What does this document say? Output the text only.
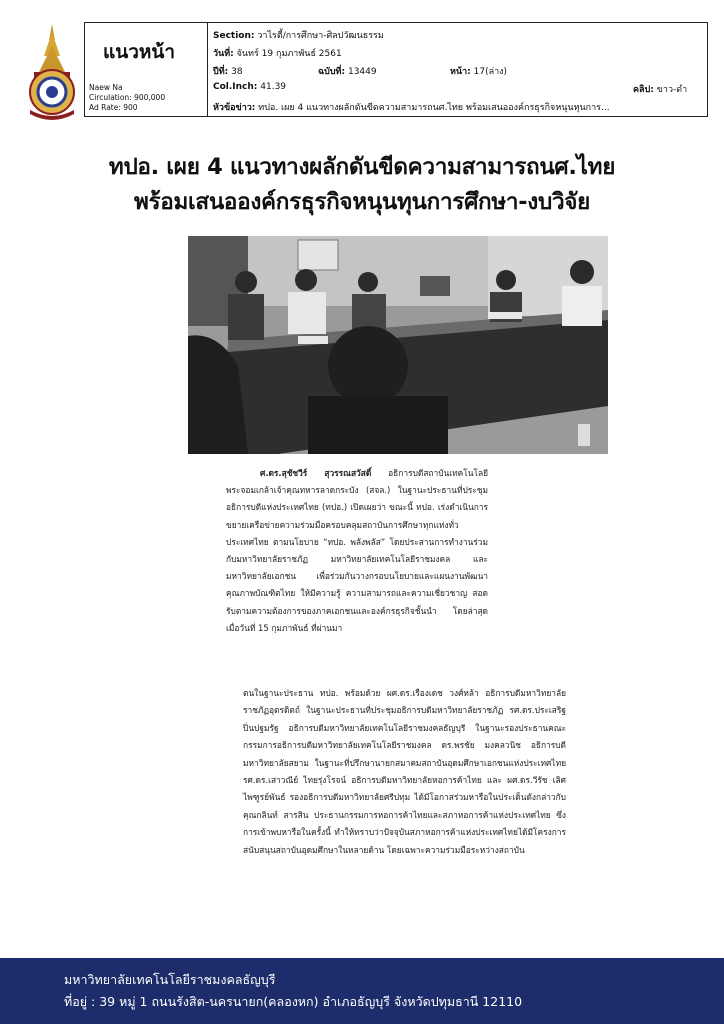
แนวหน้า
Naew Na
Circulation: 900,000
Ad Rate: 900
Section: วาไรตี้/การศึกษา-ศิลปวัฒนธรรม
วันที่: จันทร์ 19 กุมภาพันธ์ 2561
ปีที่: 38	ฉบับที่: 13449	หน้า: 17(ล่าง)
Col.Inch: 41.39	คลิป: ขาว-ดำ
หัวข้อข่าว: ทปอ. เผย 4 แนวทางผลักดันขีดความสามารถนศ.ไทย พร้อมเสนอองค์กรธุรกิจหนุนทุนการ...
ทปอ. เผย 4 แนวทางผลักดันขีดความสามารถนศ.ไทย
พร้อมเสนอองค์กรธุรกิจหนุนทุนการศึกษา-งบวิจัย

ศ.ดร.สุชัชวีร์ สุวรรณสวัสดิ์ อธิการบดีสถาบันเทคโนโลยีพระจอมเกล้าเจ้าคุณทหารลาดกระบัง (สจล.) ในฐานะประธานที่ประชุมอธิการบดีแห่งประเทศไทย (ทปอ.) เปิดเผยว่า ขณะนี้ ทปอ. เร่งดำเนินการขยายเครือข่ายความร่วมมือครอบคลุมสถาบันการศึกษาทุกแห่งทั่วประเทศไทย ตามนโยบาย “ทปอ. พลังพลัส” โดยประสานการทำงานร่วมกับมหาวิทยาลัยราชภัฏ มหาวิทยาลัยเทคโนโลยีราชมงคล และมหาวิทยาลัยเอกชน เพื่อร่วมกันวางกรอบนโยบายและแผนงานพัฒนาคุณภาพบัณฑิตไทย ให้มีความรู้ ความสามารถและความเชี่ยวชาญ สอดรับตามความต้องการของภาคเอกชนและองค์กรธุรกิจชั้นนำ โดยล่าสุด เมื่อวันที่ 15 กุมภาพันธ์ ที่ผ่านมา

ตนในฐานะประธาน ทปอ. พร้อมด้วย ผศ.ดร.เรืองเดช วงศ์หล้า อธิการบดีมหาวิทยาลัยราชภัฏอุตรดิตถ์ ในฐานะประธานที่ประชุมอธิการบดีมหาวิทยาลัยราชภัฏ รศ.ดร.ประเสริฐ ปิ่นปฐมรัฐ อธิการบดีมหาวิทยาลัยเทคโนโลยีราชมงคลธัญบุรี ในฐานะรองประธานคณะกรรมการอธิการบดีมหาวิทยาลัยเทคโนโลยีราชมงคล ดร.พรชัย มงคลวนิช อธิการบดีมหาวิทยาลัยสยาม ในฐานะที่ปรึกษานายกสมาคมสถาบันอุดมศึกษาเอกชนแห่งประเทศไทย รศ.ดร.เสาวณีย์ ไทยรุ่งโรจน์ อธิการบดีมหาวิทยาลัยหอการค้าไทย และ ผศ.ดร.วีรัช เลิศไพฑูรย์พันธ์ รองอธิการบดีมหาวิทยาลัยศรีปทุม ได้มีโอกาสร่วมหารือในประเด็นดังกล่าวกับ คุณกลินท์ สารสิน ประธานกรรมการหอการค้าไทยและสภาหอการค้าแห่งประเทศไทย ซึ่งการเข้าพบหารือในครั้งนี้ ทำให้ทราบว่าปัจจุบันสภาหอการค้าแห่งประเทศไทยได้มีโครงการสนับสนุนสถาบันอุดมศึกษาในหลายด้าน โดยเฉพาะความร่วมมือระหว่างสถาบัน

มหาวิทยาลัยเทคโนโลยีราชมงคลธัญบุรี
ที่อยู่ : 39 หมู่ 1 ถนนรังสิต-นครนายก(คลองหก) อำเภอธัญบุรี จังหวัดปทุมธานี 12110
